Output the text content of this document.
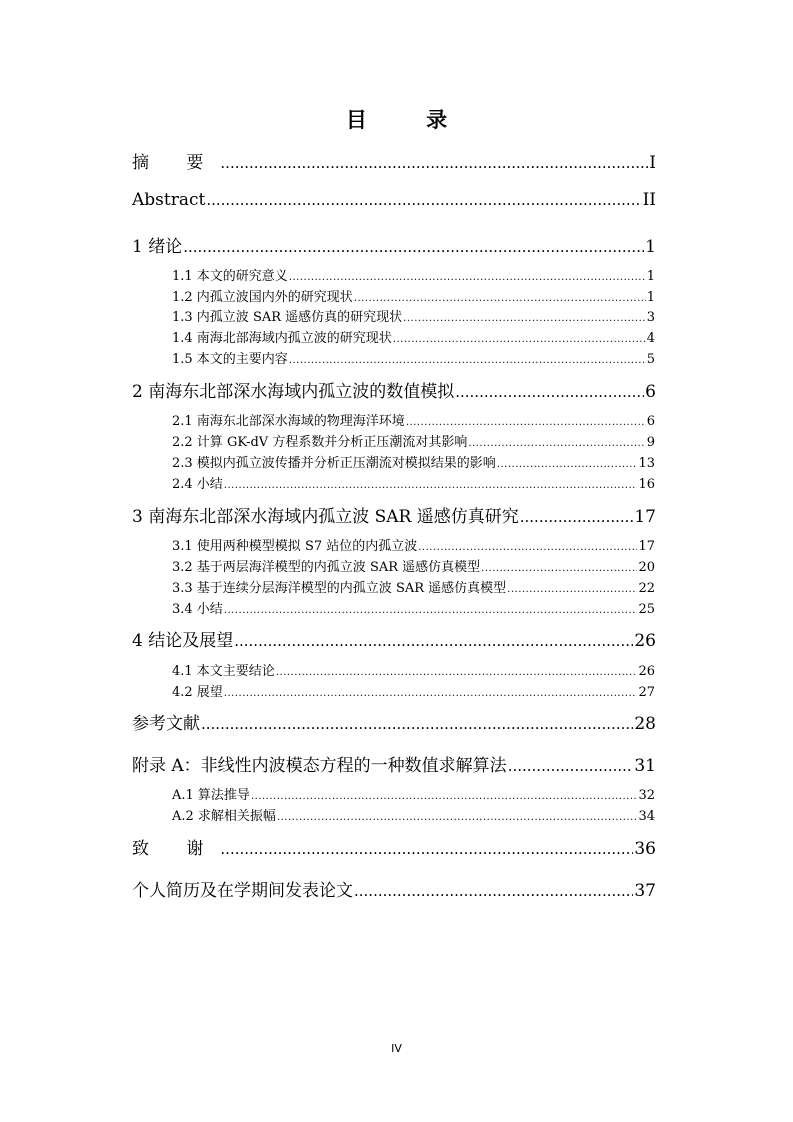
目 录
摘 要 .....	I
Abstract .....	II
1 绪论 .....	1
1.1 本文的研究意义 .....	1
1.2 内孤立波国内外的研究现状 .....	1
1.3 内孤立波 SAR 遥感仿真的研究现状 .....	3
1.4 南海北部海域内孤立波的研究现状 .....	4
1.5 本文的主要内容 .....	5
2 南海东北部深水海域内孤立波的数值模拟 .....	6
2.1 南海东北部深水海域的物理海洋环境 .....	6
2.2 计算 GK-dV 方程系数并分析正压潮流对其影响 .....	9
2.3 模拟内孤立波传播并分析正压潮流对模拟结果的影响 .....	13
2.4 小结 .....	16
3 南海东北部深水海域内孤立波 SAR 遥感仿真研究 .....	17
3.1 使用两种模型模拟 S7 站位的内孤立波 .....	17
3.2 基于两层海洋模型的内孤立波 SAR 遥感仿真模型 .....	20
3.3 基于连续分层海洋模型的内孤立波 SAR 遥感仿真模型 .....	22
3.4 小结 .....	25
4 结论及展望 .....	26
4.1 本文主要结论 .....	26
4.2 展望 .....	27
参考文献 .....	28
附录 A：非线性内波模态方程的一种数值求解算法 .....	31
A.1 算法推导 .....	32
A.2 求解相关振幅 .....	34
致 谢 .....	36
个人简历及在学期间发表论文 .....	37
IV
